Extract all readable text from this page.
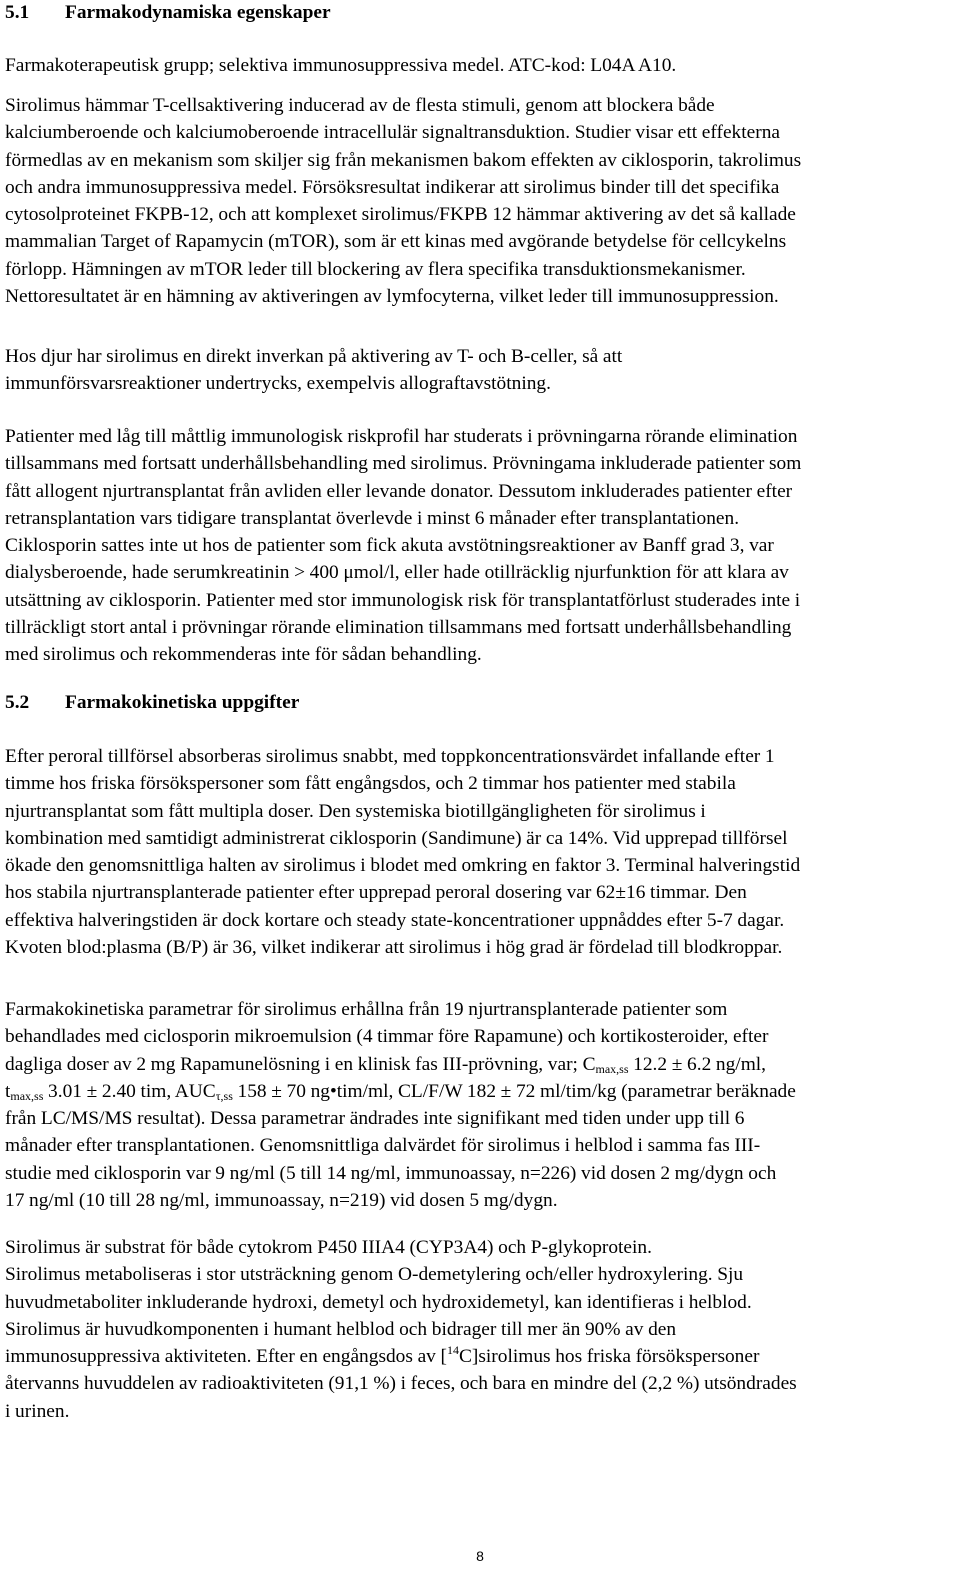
5.1 Farmakodynamiska egenskaper
Farmakoterapeutisk grupp; selektiva immunosuppressiva medel. ATC-kod: L04A A10.
Sirolimus hämmar T-cellsaktivering inducerad av de flesta stimuli, genom att blockera både
kalciumberoende och kalciumoberoende intracellulär signaltransduktion. Studier visar ett effekterna
förmedlas av en mekanism som skiljer sig från mekanismen bakom effekten av ciklosporin, takrolimus
och andra immunosuppressiva medel. Försöksresultat indikerar att sirolimus binder till det specifika
cytosolproteinet FKPB-12, och att komplexet sirolimus/FKPB 12 hämmar aktivering av det så kallade
mammalian Target of Rapamycin (mTOR), som är ett kinas med avgörande betydelse för cellcykelns
förlopp. Hämningen av mTOR leder till blockering av flera specifika transduktionsmekanismer.
Nettoresultatet är en hämning av aktiveringen av lymfocyterna, vilket leder till immunosuppression.
Hos djur har sirolimus en direkt inverkan på aktivering av T- och B-celler, så att
immunförsvarsreaktioner undertrycks, exempelvis allograftavstötning.
Patienter med låg till måttlig immunologisk riskprofil har studerats i prövningarna rörande elimination
tillsammans med fortsatt underhållsbehandling med sirolimus. Prövningama inkluderade patienter som
fått allogent njurtransplantat från avliden eller levande donator. Dessutom inkluderades patienter efter
retransplantation vars tidigare transplantat överlevde i minst 6 månader efter transplantationen.
Ciklosporin sattes inte ut hos de patienter som fick akuta avstötningsreaktioner av Banff grad 3, var
dialysberoende, hade serumkreatinin > 400 μmol/l, eller hade otillräcklig njurfunktion för att klara av
utsättning av ciklosporin. Patienter med stor immunologisk risk för transplantatförlust studerades inte i
tillräckligt stort antal i prövningar rörande elimination tillsammans med fortsatt underhållsbehandling
med sirolimus och rekommenderas inte för sådan behandling.
5.2 Farmakokinetiska uppgifter
Efter peroral tillförsel absorberas sirolimus snabbt, med toppkoncentrationsvärdet infallande efter 1
timme hos friska försökspersoner som fått engångsdos, och 2 timmar hos patienter med stabila
njurtransplantat som fått multipla doser. Den systemiska biotillgängligheten för sirolimus i
kombination med samtidigt administrerat ciklosporin (Sandimune) är ca 14%. Vid upprepad tillförsel
ökade den genomsnittliga halten av sirolimus i blodet med omkring en faktor 3. Terminal halveringstid
hos stabila njurtransplanterade patienter efter upprepad peroral dosering var 62±16 timmar. Den
effektiva halveringstiden är dock kortare och steady state-koncentrationer uppnåddes efter 5-7 dagar.
Kvoten blod:plasma (B/P) är 36, vilket indikerar att sirolimus i hög grad är fördelad till blodkroppar.
Farmakokinetiska parametrar för sirolimus erhållna från 19 njurtransplanterade patienter som
behandlades med ciclosporin mikroemulsion (4 timmar före Rapamune) och kortikosteroider, efter
dagliga doser av 2 mg Rapamunelösning i en klinisk fas III-prövning, var; $C_{max,ss}$ 12.2 ± 6.2 ng/ml,
$t_{max,ss}$ 3.01 ± 2.40 tim, $AUC_{\tau,ss}$ 158 ± 70 ng•tim/ml, CL/F/W 182 ± 72 ml/tim/kg (parametrar beräknade
från LC/MS/MS resultat). Dessa parametrar ändrades inte signifikant med tiden under upp till 6
månader efter transplantationen. Genomsnittliga dalvärdet för sirolimus i helblod i samma fas III-
studie med ciklosporin var 9 ng/ml (5 till 14 ng/ml, immunoassay, n=226) vid dosen 2 mg/dygn och
17 ng/ml (10 till 28 ng/ml, immunoassay, n=219) vid dosen 5 mg/dygn.
Sirolimus är substrat för både cytokrom P450 IIIA4 (CYP3A4) och P-glykoprotein.
Sirolimus metaboliseras i stor utsträckning genom O-demetylering och/eller hydroxylering. Sju
huvudmetaboliter inkluderande hydroxi, demetyl och hydroxidemetyl, kan identifieras i helblod.
Sirolimus är huvudkomponenten i humant helblod och bidrager till mer än 90% av den
immunosuppressiva aktiviteten. Efter en engångsdos av [$^{14}$C]sirolimus hos friska försökspersoner
återvanns huvuddelen av radioaktiviteten (91,1 %) i feces, och bara en mindre del (2,2 %) utsöndrades
i urinen.
8
